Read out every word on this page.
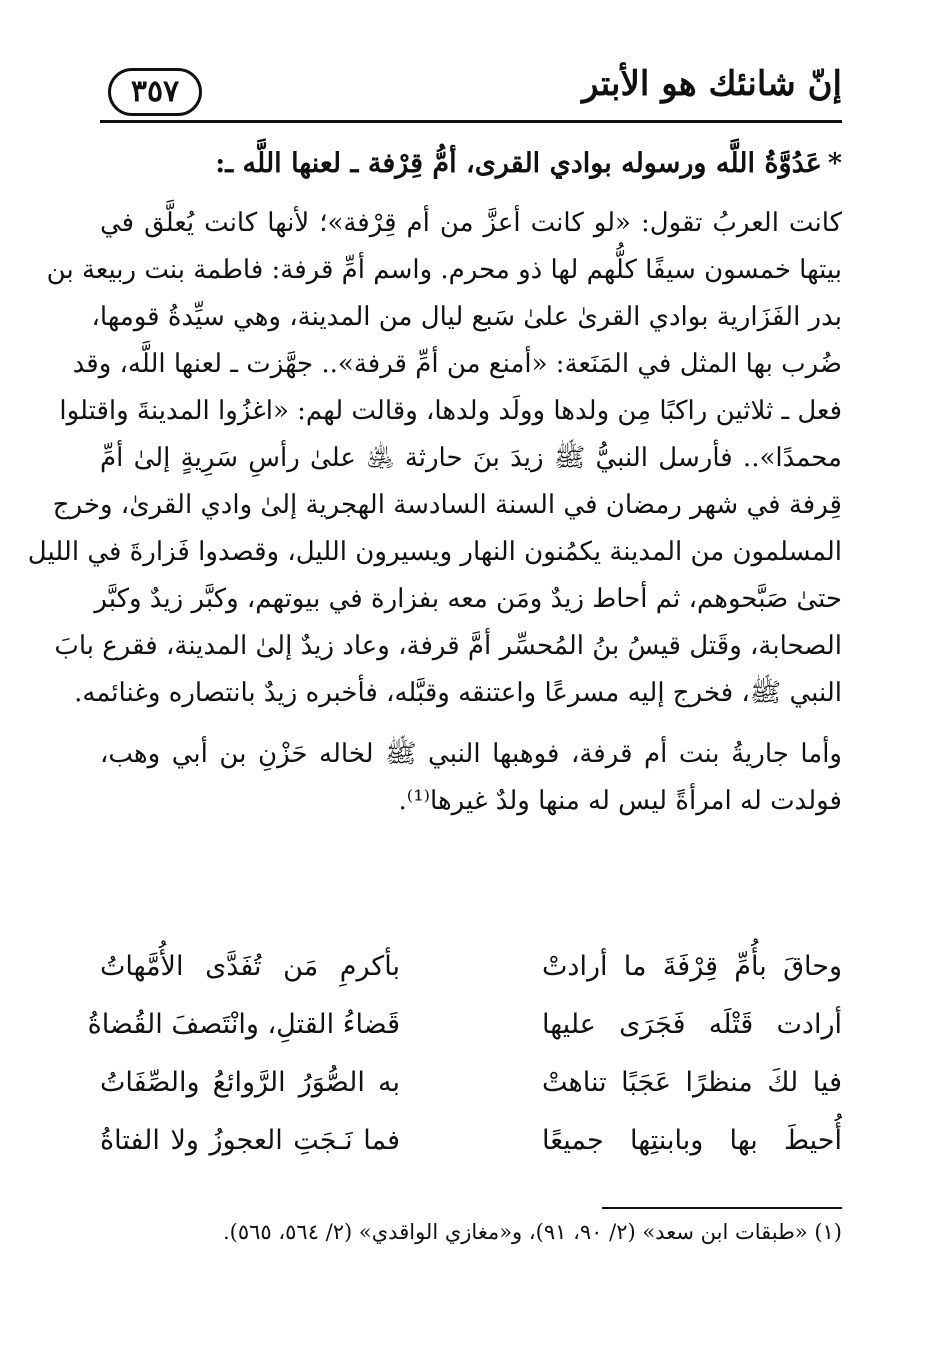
إنّ شانئك هو الأبتر
٣٥٧
*عَدُوَّةُ اللَّه ورسوله بوادي القرى، أمُّ قِرْفة ـ لعنها اللَّه ـ:
كانت العربُ تقول: «لو كانت أعزَّ من أم قِرْفة»؛ لأنها كانت يُعلَّق في
بيتها خمسون سيفًا كلُّهم لها ذو محرم. واسم أمِّ قرفة: فاطمة بنت ربيعة بن
بدر الفَزَارية بوادي القرىٰ علىٰ سَبع ليال من المدينة، وهي سيِّدةُ قومها،
ضُرب بها المثل في المَنَعة: «أمنع من أمِّ قرفة».. جهَّزت ـ لعنها اللَّه، وقد
فعل ـ ثلاثين راكبًا مِن ولدها وولَد ولدها، وقالت لهم: «اغزُوا المدينةَ واقتلوا
محمدًا».. فأرسل النبيُّ ﷺ زيدَ بنَ حارثة ﵁ علىٰ رأسِ سَرِيةٍ إلىٰ أمِّ
قِرفة في شهر رمضان في السنة السادسة الهجرية إلىٰ وادي القرىٰ، وخرج
المسلمون من المدينة يكمُنون النهار ويسيرون الليل، وقصدوا فَزارةَ في الليل
حتىٰ صَبَّحوهم، ثم أحاط زيدٌ ومَن معه بفزارة في بيوتهم، وكبَّر زيدٌ وكبَّر
الصحابة، وقَتل قيسُ بنُ المُحسِّر أمَّ قرفة، وعاد زيدٌ إلىٰ المدينة، فقرع بابَ
النبي ﷺ، فخرج إليه مسرعًا واعتنقه وقبَّله، فأخبره زيدٌ بانتصاره وغنائمه.
وأما جاريةُ بنت أم قرفة، فوهبها النبي ﷺ لخاله حَزْنِ بن أبي وهب،
فولدت له امرأةً ليس له منها ولدٌ غيرها⁽¹⁾.
وحاقَ بأُمِّ قِرْفَةَ ما أرادتْ
بأكرمِ مَن تُفَدَّى الأُمَّهاتُ
أرادت قَتْلَه فَجَرَى عليها
قَضاءُ القتلِ، وانْتَصفَ القُضاةُ
فيا لكَ منظرًا عَجَبًا تناهتْ
به الصُّوَرُ الرَّوائعُ والصِّفَاتُ
أُحيطَ بها وبابنتِها جميعًا
فما نَـجَتِ العجوزُ ولا الفتاةُ
(١) «طبقات ابن سعد» (٢/ ٩٠، ٩١)، و«مغازي الواقدي» (٢/ ٥٦٤، ٥٦٥).
